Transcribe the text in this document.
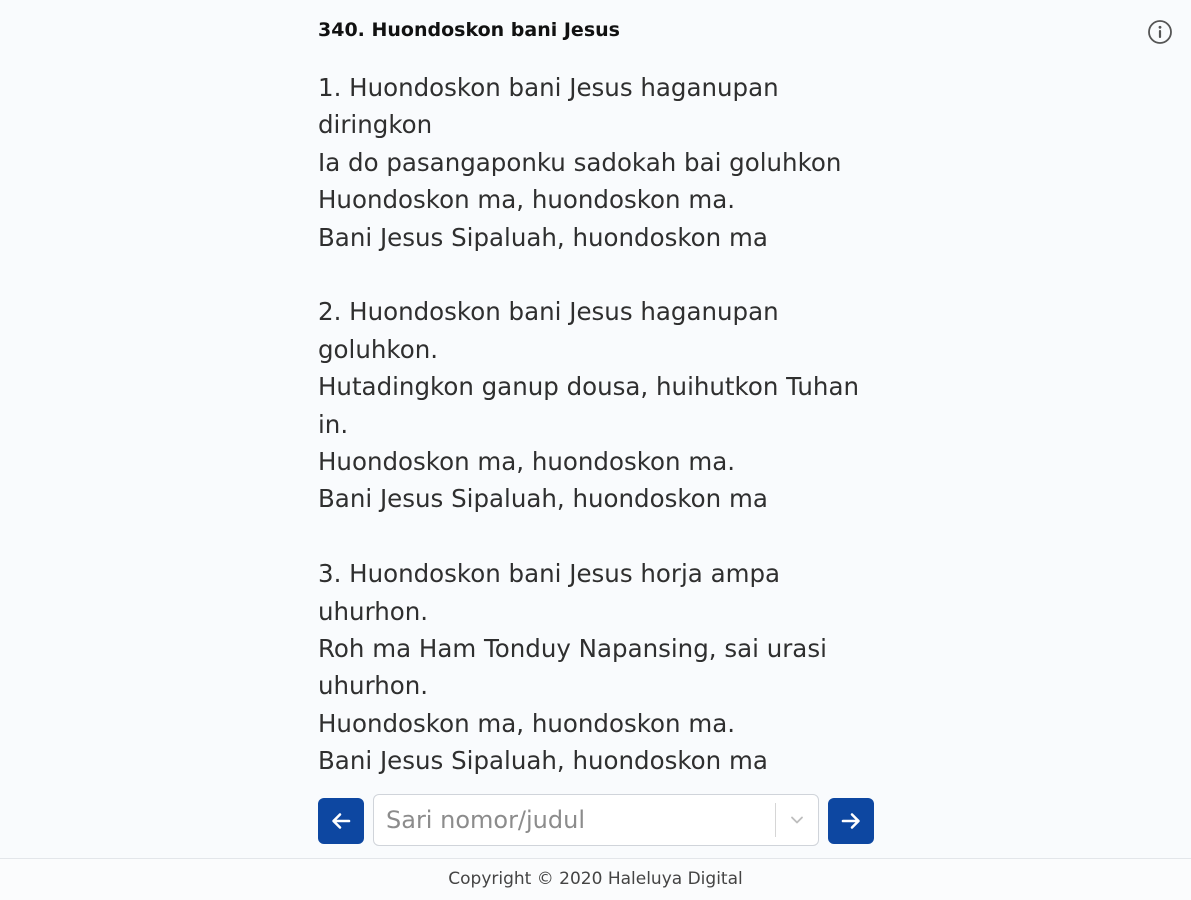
340. Huondoskon bani Jesus
1. Huondoskon bani Jesus haganupan
diringkon
Ia do pasangaponku sadokah bai goluhkon
Huondoskon ma, huondoskon ma.
Bani Jesus Sipaluah, huondoskon ma
2. Huondoskon bani Jesus haganupan
goluhkon.
Hutadingkon ganup dousa, huihutkon Tuhan
in.
Huondoskon ma, huondoskon ma.
Bani Jesus Sipaluah, huondoskon ma
3. Huondoskon bani Jesus horja ampa
uhurhon.
Roh ma Ham Tonduy Napansing, sai urasi
uhurhon.
Huondoskon ma, huondoskon ma.
Bani Jesus Sipaluah, huondoskon ma
Sari nomor/judul
Copyright © 2020 Haleluya Digital
